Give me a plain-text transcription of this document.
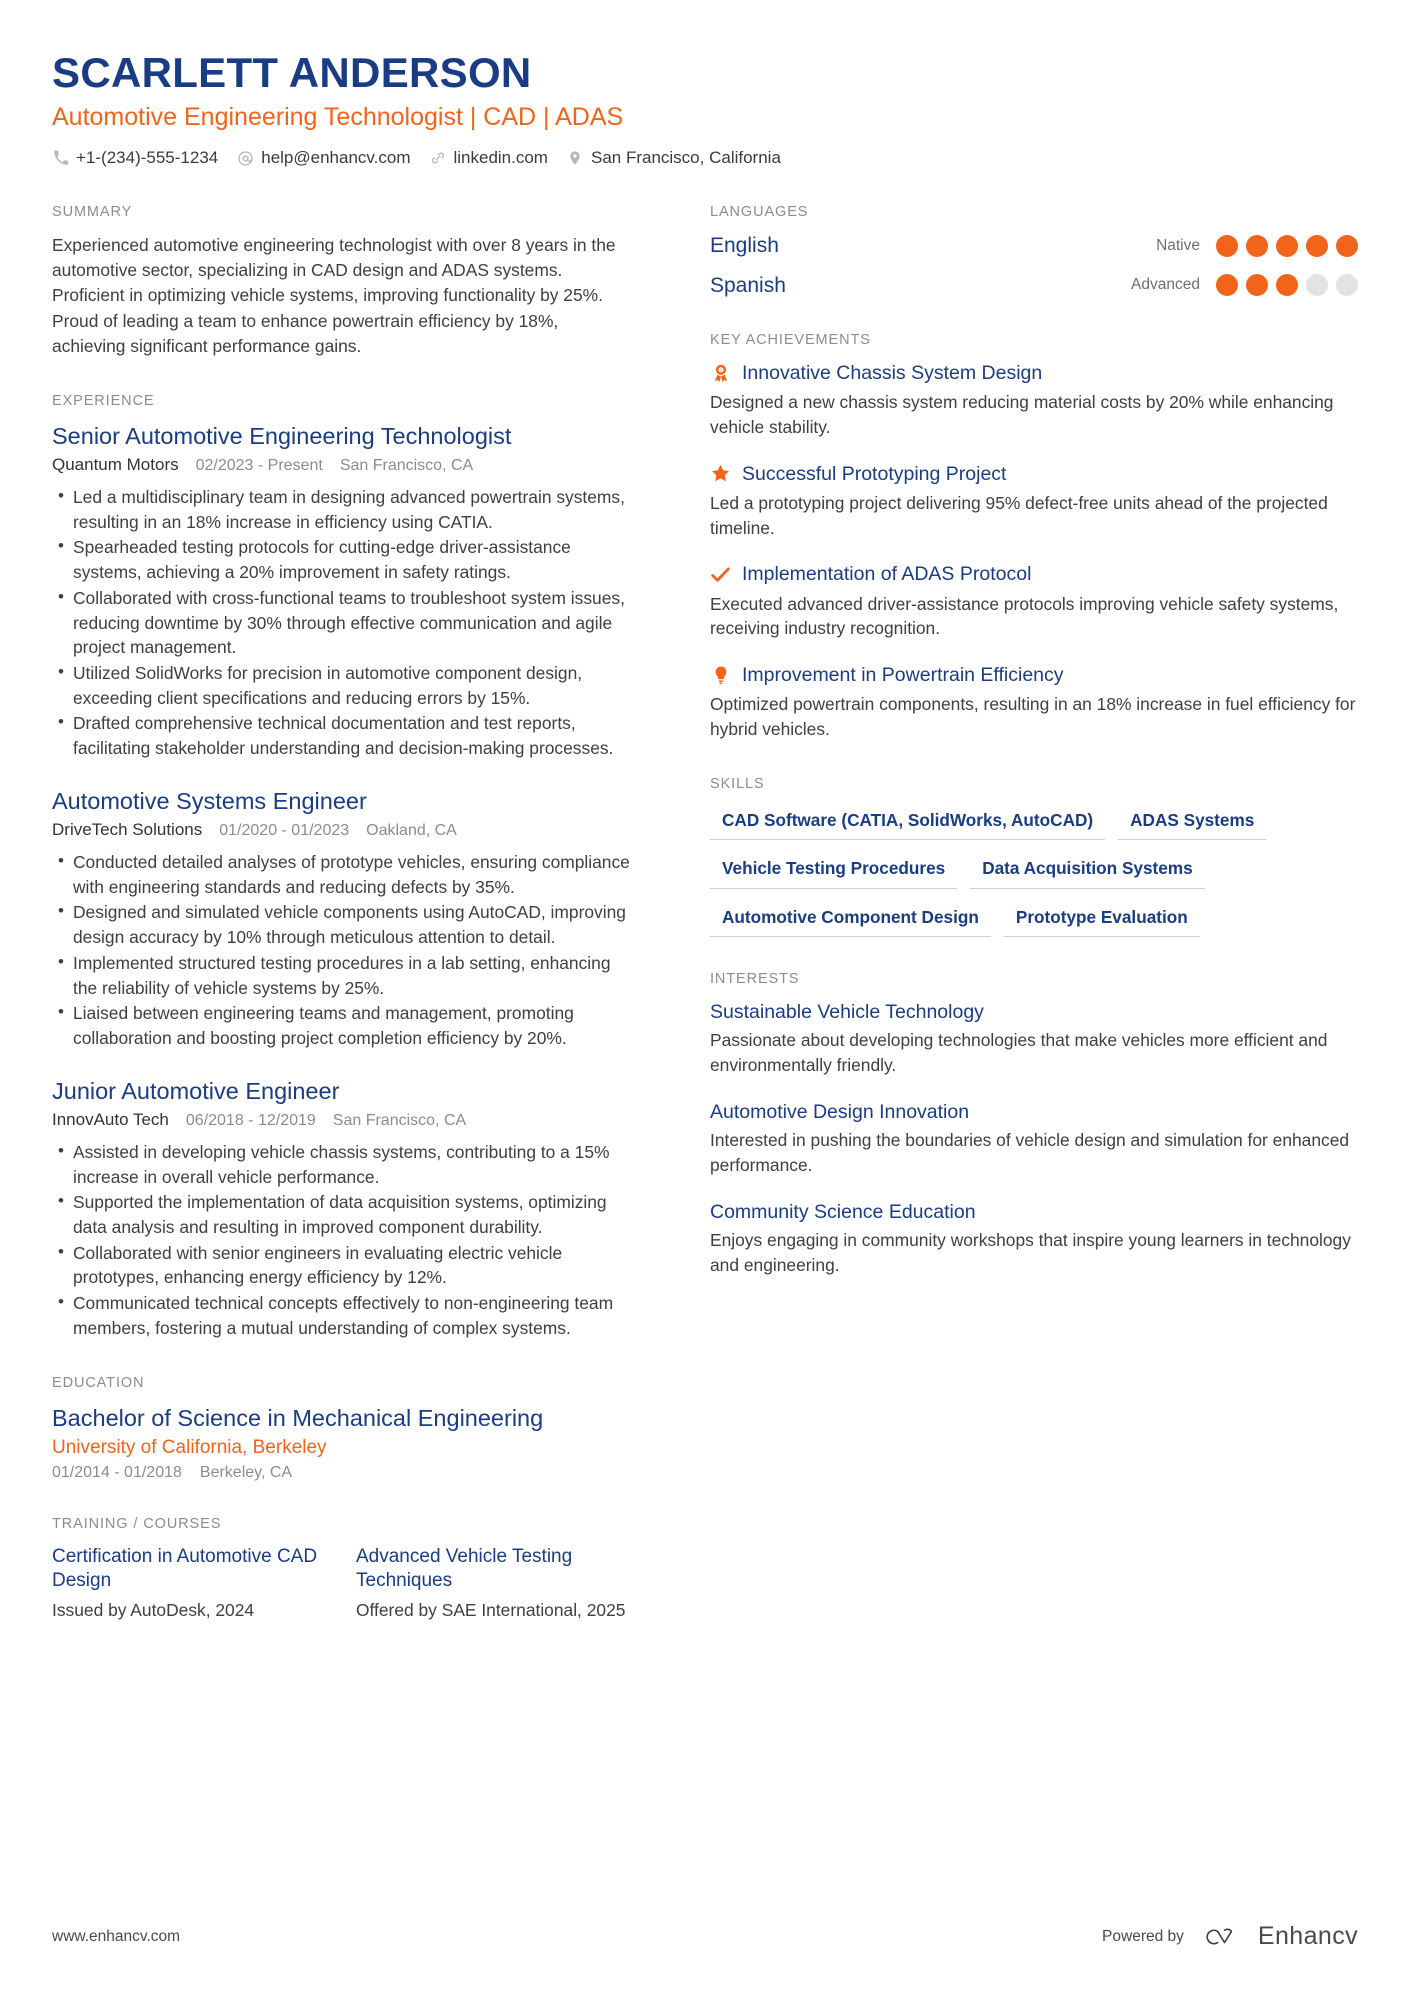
SCARLETT ANDERSON
Automotive Engineering Technologist | CAD | ADAS
+1-(234)-555-1234	help@enhancv.com	linkedin.com	San Francisco, California
SUMMARY
Experienced automotive engineering technologist with over 8 years in the automotive sector, specializing in CAD design and ADAS systems. Proficient in optimizing vehicle systems, improving functionality by 25%. Proud of leading a team to enhance powertrain efficiency by 18%, achieving significant performance gains.
EXPERIENCE
Senior Automotive Engineering Technologist
Quantum Motors 02/2023 - Present San Francisco, CA
• Led a multidisciplinary team in designing advanced powertrain systems, resulting in an 18% increase in efficiency using CATIA.
• Spearheaded testing protocols for cutting-edge driver-assistance systems, achieving a 20% improvement in safety ratings.
• Collaborated with cross-functional teams to troubleshoot system issues, reducing downtime by 30% through effective communication and agile project management.
• Utilized SolidWorks for precision in automotive component design, exceeding client specifications and reducing errors by 15%.
• Drafted comprehensive technical documentation and test reports, facilitating stakeholder understanding and decision-making processes.
Automotive Systems Engineer
DriveTech Solutions 01/2020 - 01/2023 Oakland, CA
• Conducted detailed analyses of prototype vehicles, ensuring compliance with engineering standards and reducing defects by 35%.
• Designed and simulated vehicle components using AutoCAD, improving design accuracy by 10% through meticulous attention to detail.
• Implemented structured testing procedures in a lab setting, enhancing the reliability of vehicle systems by 25%.
• Liaised between engineering teams and management, promoting collaboration and boosting project completion efficiency by 20%.
Junior Automotive Engineer
InnovAuto Tech 06/2018 - 12/2019 San Francisco, CA
• Assisted in developing vehicle chassis systems, contributing to a 15% increase in overall vehicle performance.
• Supported the implementation of data acquisition systems, optimizing data analysis and resulting in improved component durability.
• Collaborated with senior engineers in evaluating electric vehicle prototypes, enhancing energy efficiency by 12%.
• Communicated technical concepts effectively to non-engineering team members, fostering a mutual understanding of complex systems.
EDUCATION
Bachelor of Science in Mechanical Engineering
University of California, Berkeley
01/2014 - 01/2018 Berkeley, CA
TRAINING / COURSES
Certification in Automotive CAD Design
Issued by AutoDesk, 2024
Advanced Vehicle Testing Techniques
Offered by SAE International, 2025
LANGUAGES
English	Native
Spanish	Advanced
KEY ACHIEVEMENTS
1 Innovative Chassis System Design
Designed a new chassis system reducing material costs by 20% while enhancing vehicle stability.
Successful Prototyping Project
Led a prototyping project delivering 95% defect-free units ahead of the projected timeline.
Implementation of ADAS Protocol
Executed advanced driver-assistance protocols improving vehicle safety systems, receiving industry recognition.
Improvement in Powertrain Efficiency
Optimized powertrain components, resulting in an 18% increase in fuel efficiency for hybrid vehicles.
SKILLS
CAD Software (CATIA, SolidWorks, AutoCAD)	ADAS Systems
Vehicle Testing Procedures	Data Acquisition Systems
Automotive Component Design	Prototype Evaluation
INTERESTS
Sustainable Vehicle Technology
Passionate about developing technologies that make vehicles more efficient and environmentally friendly.
Automotive Design Innovation
Interested in pushing the boundaries of vehicle design and simulation for enhanced performance.
Community Science Education
Enjoys engaging in community workshops that inspire young learners in technology and engineering.
www.enhancv.com	Powered by	Enhancv
